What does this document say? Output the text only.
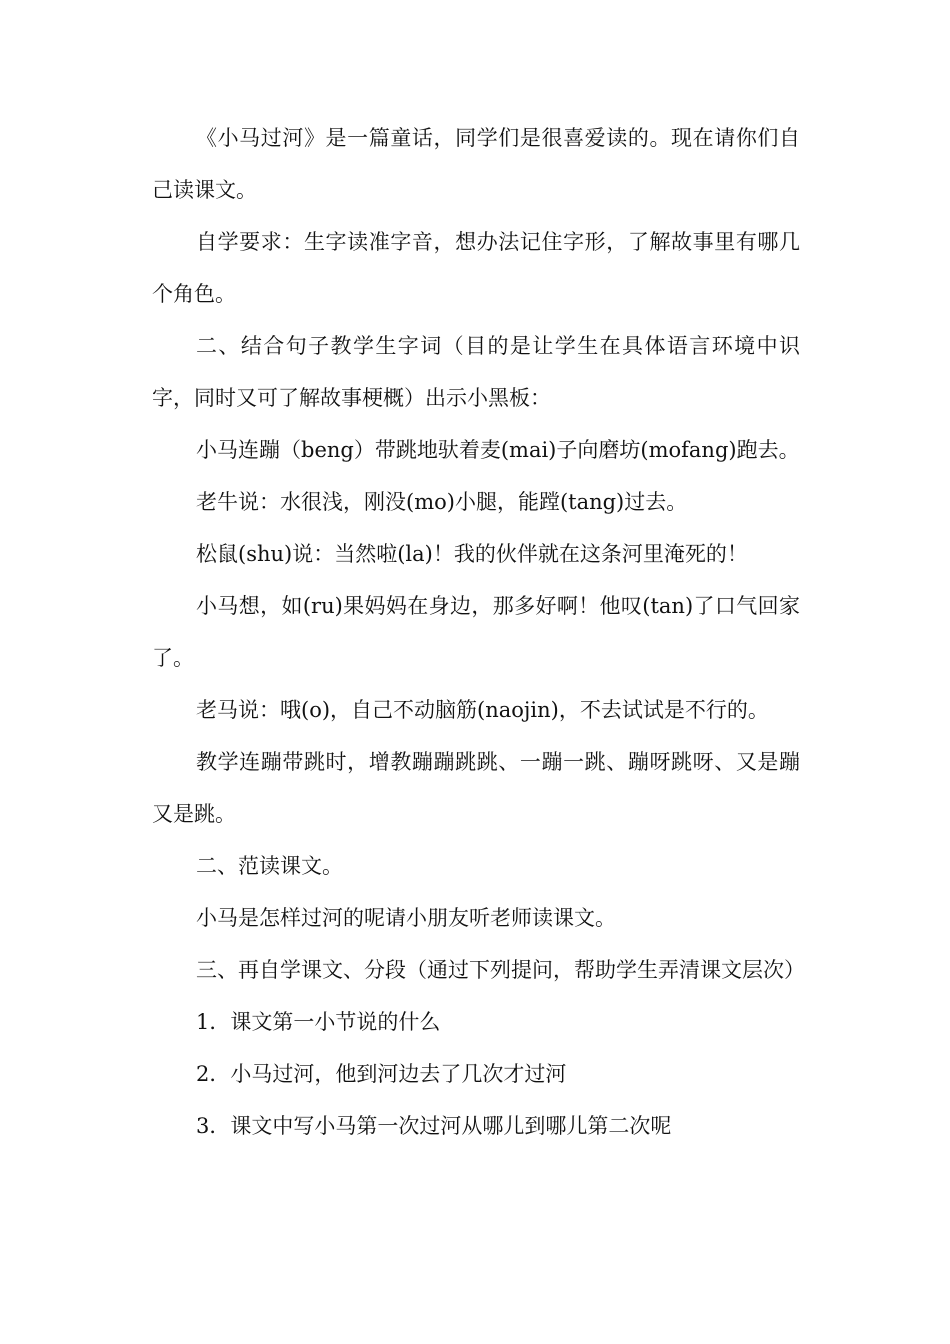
《小马过河》是一篇童话，同学们是很喜爱读的。现在请你们自己读课文。

自学要求：生字读准字音，想办法记住字形，了解故事里有哪几个角色。

二、结合句子教学生字词（目的是让学生在具体语言环境中识字，同时又可了解故事梗概）出示小黑板：

小马连蹦（beng）带跳地驮着麦(mai)子向磨坊(mofang)跑去。

老牛说：水很浅，刚没(mo)小腿，能蹚(tang)过去。

松鼠(shu)说：当然啦(la)！我的伙伴就在这条河里淹死的！

小马想，如(ru)果妈妈在身边，那多好啊！他叹(tan)了口气回家了。

老马说：哦(o)，自己不动脑筋(naojin)，不去试试是不行的。

教学连蹦带跳时，增教蹦蹦跳跳、一蹦一跳、蹦呀跳呀、又是蹦又是跳。

二、范读课文。

小马是怎样过河的呢请小朋友听老师读课文。

三、再自学课文、分段（通过下列提问，帮助学生弄清课文层次）

1．课文第一小节说的什么

2．小马过河，他到河边去了几次才过河

3．课文中写小马第一次过河从哪儿到哪儿第二次呢
